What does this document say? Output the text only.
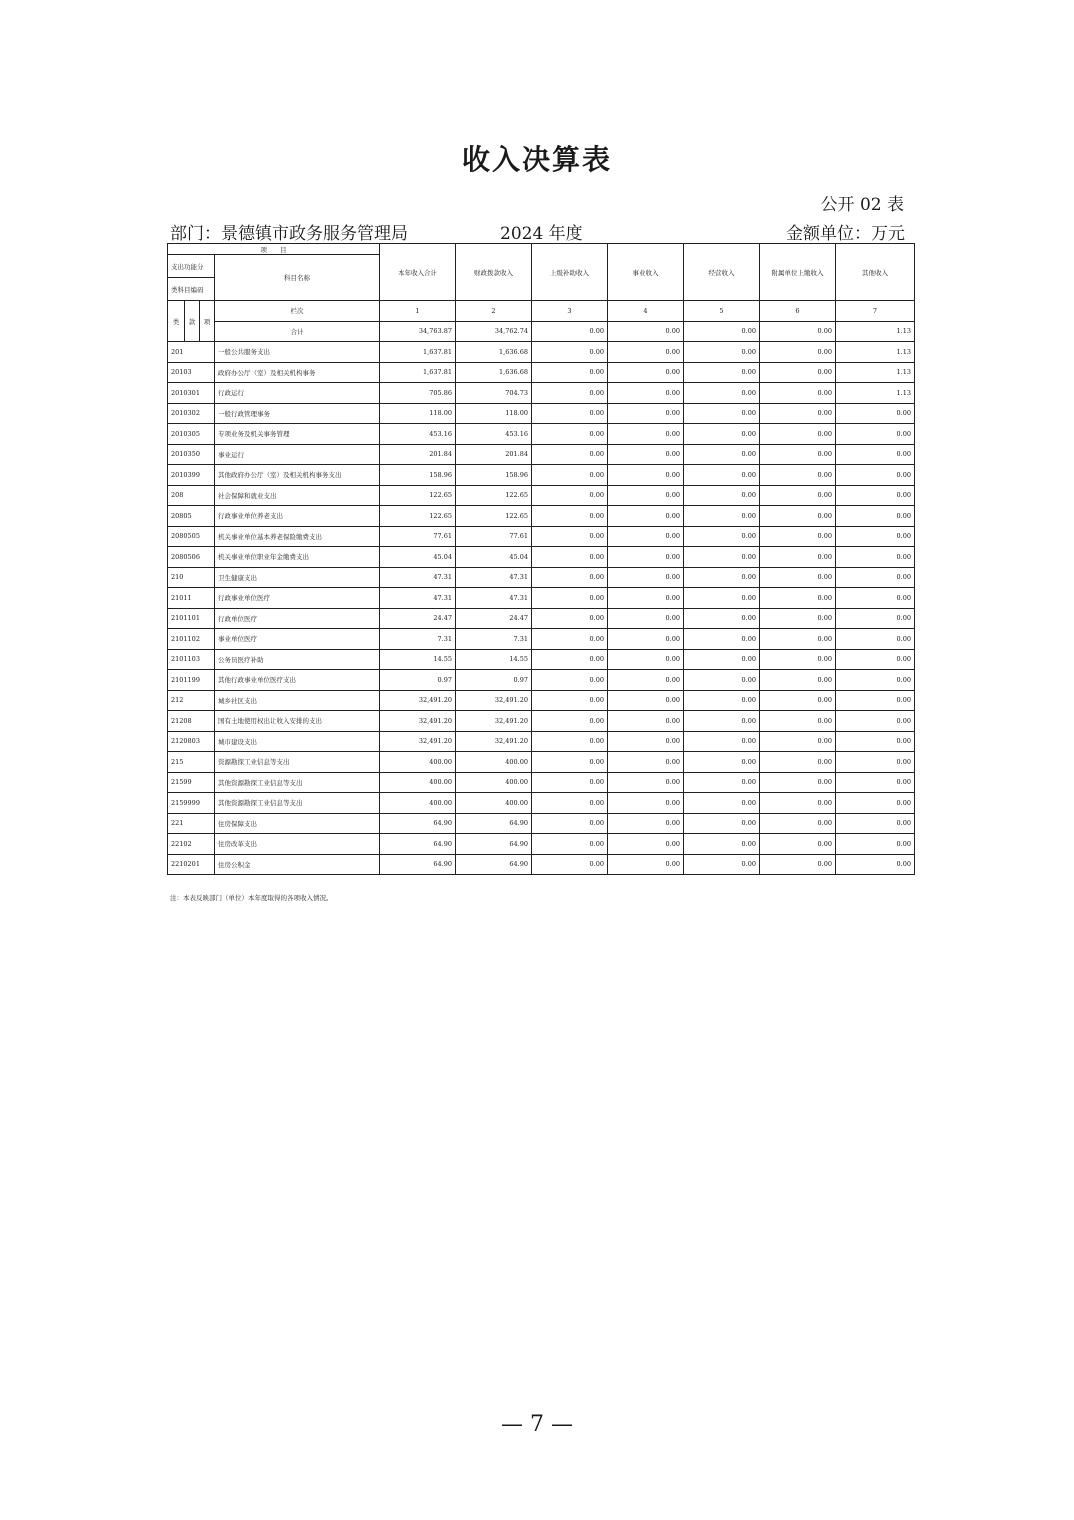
收入决算表
公开 02 表
部门：景德镇市政务服务管理局	2024 年度	金额单位：万元
项　　目				本年收入合计	财政拨款收入	上级补助收入	事业收入	经营收入	附属单位上缴收入	其他收入
支出功能分			科目名称							
类科目编码										
类	款	项	栏次	1	2	3	4	5	6	7
			合计	34,763.87	34,762.74	0.00	0.00	0.00	0.00	1.13
201			一般公共服务支出	1,637.81	1,636.68	0.00	0.00	0.00	0.00	1.13
20103			政府办公厅（室）及相关机构事务	1,637.81	1,636.68	0.00	0.00	0.00	0.00	1.13
2010301			行政运行	705.86	704.73	0.00	0.00	0.00	0.00	1.13
2010302			一般行政管理事务	118.00	118.00	0.00	0.00	0.00	0.00	0.00
2010305			专项业务及机关事务管理	453.16	453.16	0.00	0.00	0.00	0.00	0.00
2010350			事业运行	201.84	201.84	0.00	0.00	0.00	0.00	0.00
2010399			其他政府办公厅（室）及相关机构事务支出	158.96	158.96	0.00	0.00	0.00	0.00	0.00
208			社会保障和就业支出	122.65	122.65	0.00	0.00	0.00	0.00	0.00
20805			行政事业单位养老支出	122.65	122.65	0.00	0.00	0.00	0.00	0.00
2080505			机关事业单位基本养老保险缴费支出	77.61	77.61	0.00	0.00	0.00	0.00	0.00
2080506			机关事业单位职业年金缴费支出	45.04	45.04	0.00	0.00	0.00	0.00	0.00
210			卫生健康支出	47.31	47.31	0.00	0.00	0.00	0.00	0.00
21011			行政事业单位医疗	47.31	47.31	0.00	0.00	0.00	0.00	0.00
2101101			行政单位医疗	24.47	24.47	0.00	0.00	0.00	0.00	0.00
2101102			事业单位医疗	7.31	7.31	0.00	0.00	0.00	0.00	0.00
2101103			公务员医疗补助	14.55	14.55	0.00	0.00	0.00	0.00	0.00
2101199			其他行政事业单位医疗支出	0.97	0.97	0.00	0.00	0.00	0.00	0.00
212			城乡社区支出	32,491.20	32,491.20	0.00	0.00	0.00	0.00	0.00
21208			国有土地使用权出让收入安排的支出	32,491.20	32,491.20	0.00	0.00	0.00	0.00	0.00
2120803			城市建设支出	32,491.20	32,491.20	0.00	0.00	0.00	0.00	0.00
215			资源勘探工业信息等支出	400.00	400.00	0.00	0.00	0.00	0.00	0.00
21599			其他资源勘探工业信息等支出	400.00	400.00	0.00	0.00	0.00	0.00	0.00
2159999			其他资源勘探工业信息等支出	400.00	400.00	0.00	0.00	0.00	0.00	0.00
221			住房保障支出	64.90	64.90	0.00	0.00	0.00	0.00	0.00
22102			住房改革支出	64.90	64.90	0.00	0.00	0.00	0.00	0.00
2210201			住房公积金	64.90	64.90	0.00	0.00	0.00	0.00	0.00
注：本表反映部门（单位）本年度取得的各项收入情况。
— 7 —
